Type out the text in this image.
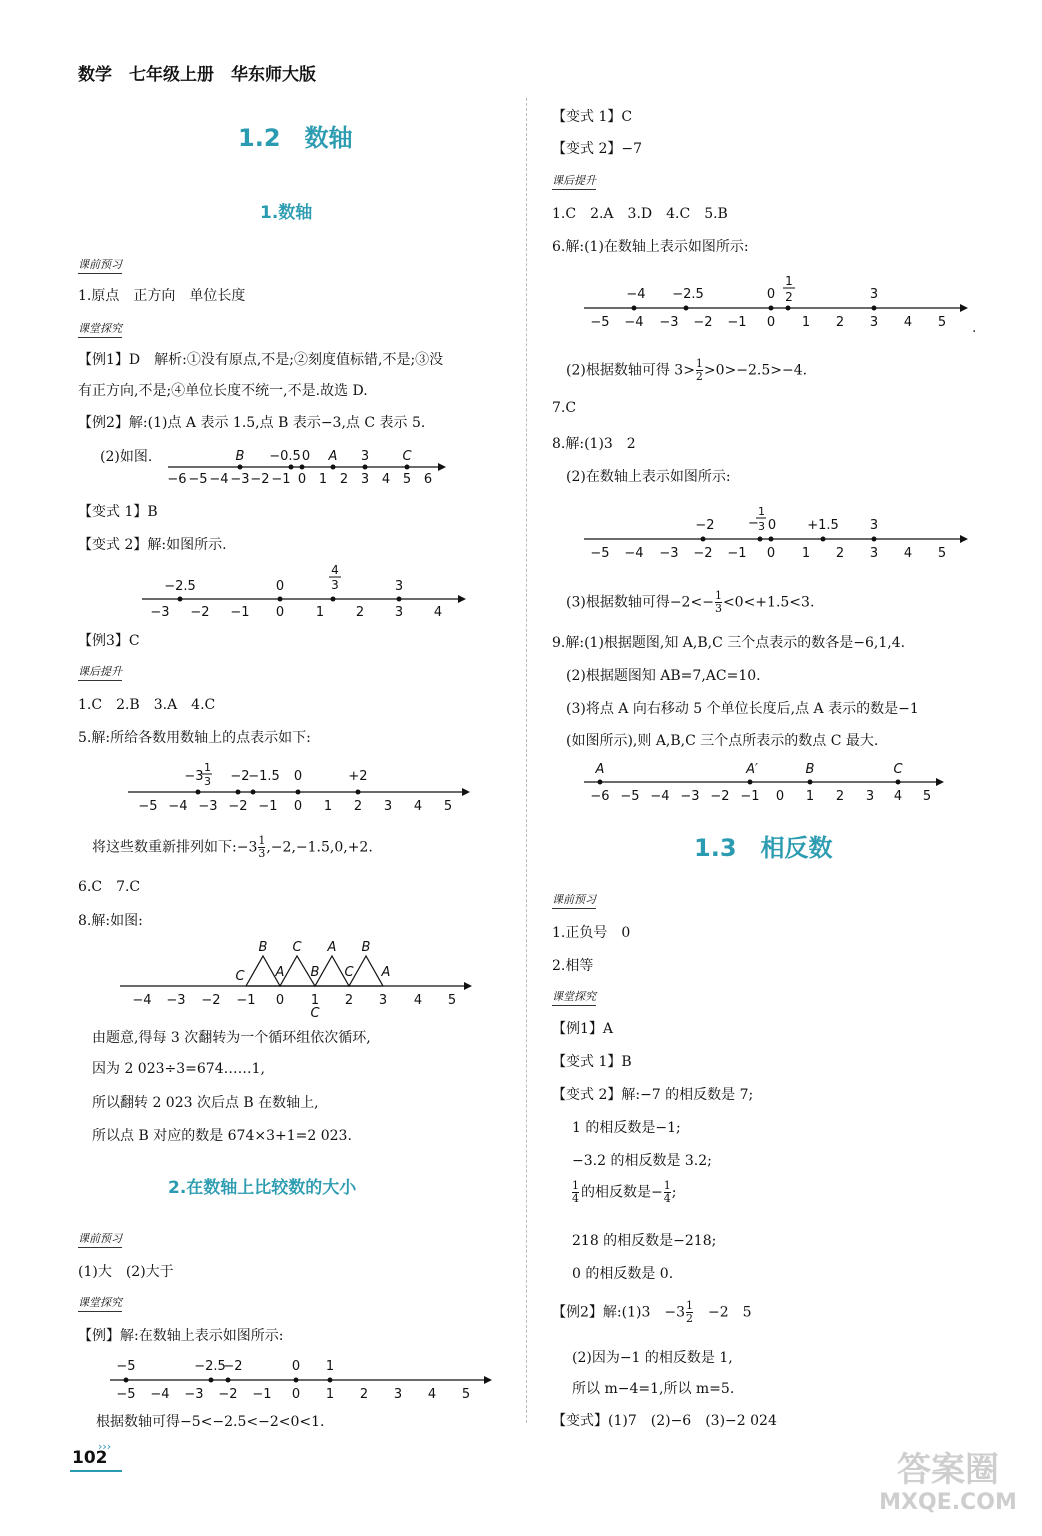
数学　七年级上册　华东师大版
1.2　数轴
1.数轴
课前预习
1.原点　正方向　单位长度
课堂探究
【例1】D　解析:①没有原点,不是;②刻度值标错,不是;③没
有正方向,不是;④单位长度不统一,不是.故选 D.
【例2】解:(1)点 A 表示 1.5,点 B 表示−3,点 C 表示 5.
(2)如图.
−6 −5 −4 −3 −2 −1 0 1 2 3 4 5 6
B −0.5 0 A 3	C
【变式 1】B
【变式 2】解:如图所示.
−3 −2 −1 0 1 2 3 4
−2.5	0
4
3	3
【例3】C
课后提升
1.C　2.B　3.A　4.C
5.解:所给各数用数轴上的点表示如下:
−5 −4 −3 −2 −1 0 1 2 3 4 5
−3
1
3 −2
−1.5 0	+2
将这些数重新排列如下:−3 $\frac{1}{3} ,-2,-1.5,0,+2$.
6.C　7.C
8.解:如图:
−4 −3 −2 −1 0 1 2 3 4 5
B C A B
C A B C A
C
由题意,得每 3 次翻转为一个循环组依次循环,
因为 2 023÷3=674……1,
所以翻转 2 023 次后点 B 在数轴上,
所以点 B 对应的数是 674×3+1=2 023.
2.在数轴上比较数的大小
课前预习
(1)大　(2)大于
课堂探究
【例】解:在数轴上表示如图所示:
−5 −4 −3 −2 −1 0 1 2 3 4 5
−5	−2.5
−2	0 1
根据数轴可得−5<−2.5<−2<0<1.
›››
102
【变式 1】C
【变式 2】−7
课后提升
1.C　2.A　3.D　4.C　5.B
6.解:(1)在数轴上表示如图所示:
,
−5 −4 −3 −2 −1 0 1 2 3 4 5
−4 −2.5	0
1
2	3
(2)根据数轴可得 $3> \frac{1}{2} >0>-2.5>-4$.
7.C
8.解:(1)3　2
(2)在数轴上表示如图所示:
−5 −4 −3 −2 −1 0 1 2 3 4 5
−2	−
1
3 0 +1.5 3
(3)根据数轴可得$-2<- \frac{1}{3} <0<+1.5<3$.
9.解:(1)根据题图,知 A,B,C 三个点表示的数各是−6,1,4.
(2)根据题图知 AB=7,AC=10.
(3)将点 A 向右移动 5 个单位长度后,点 A 表示的数是−1
(如图所示),则 A,B,C 三个点所表示的数点 C 最大.
−6 −5 −4 −3 −2 −1 0 1 2 3 4 5
A	A′	B	C
1.3　相反数
课前预习
1.正负号　0
2.相等
课堂探究
【例1】A
【变式 1】B
【变式 2】解:−7 的相反数是 7;
1 的相反数是−1;
−3.2 的相反数是 3.2;
$\frac{1}{4}$ 的相反数是− $\frac{1}{4}$ ;
218 的相反数是−218;
0 的相反数是 0.
【例2】解:(1)3　$-3 \frac{1}{2}$ 　−2　5
(2)因为−1 的相反数是 1,
所以 m−4=1,所以 m=5.
【变式】(1)7　(2)−6　(3)−2 024
答案圈
MXQE.COM
